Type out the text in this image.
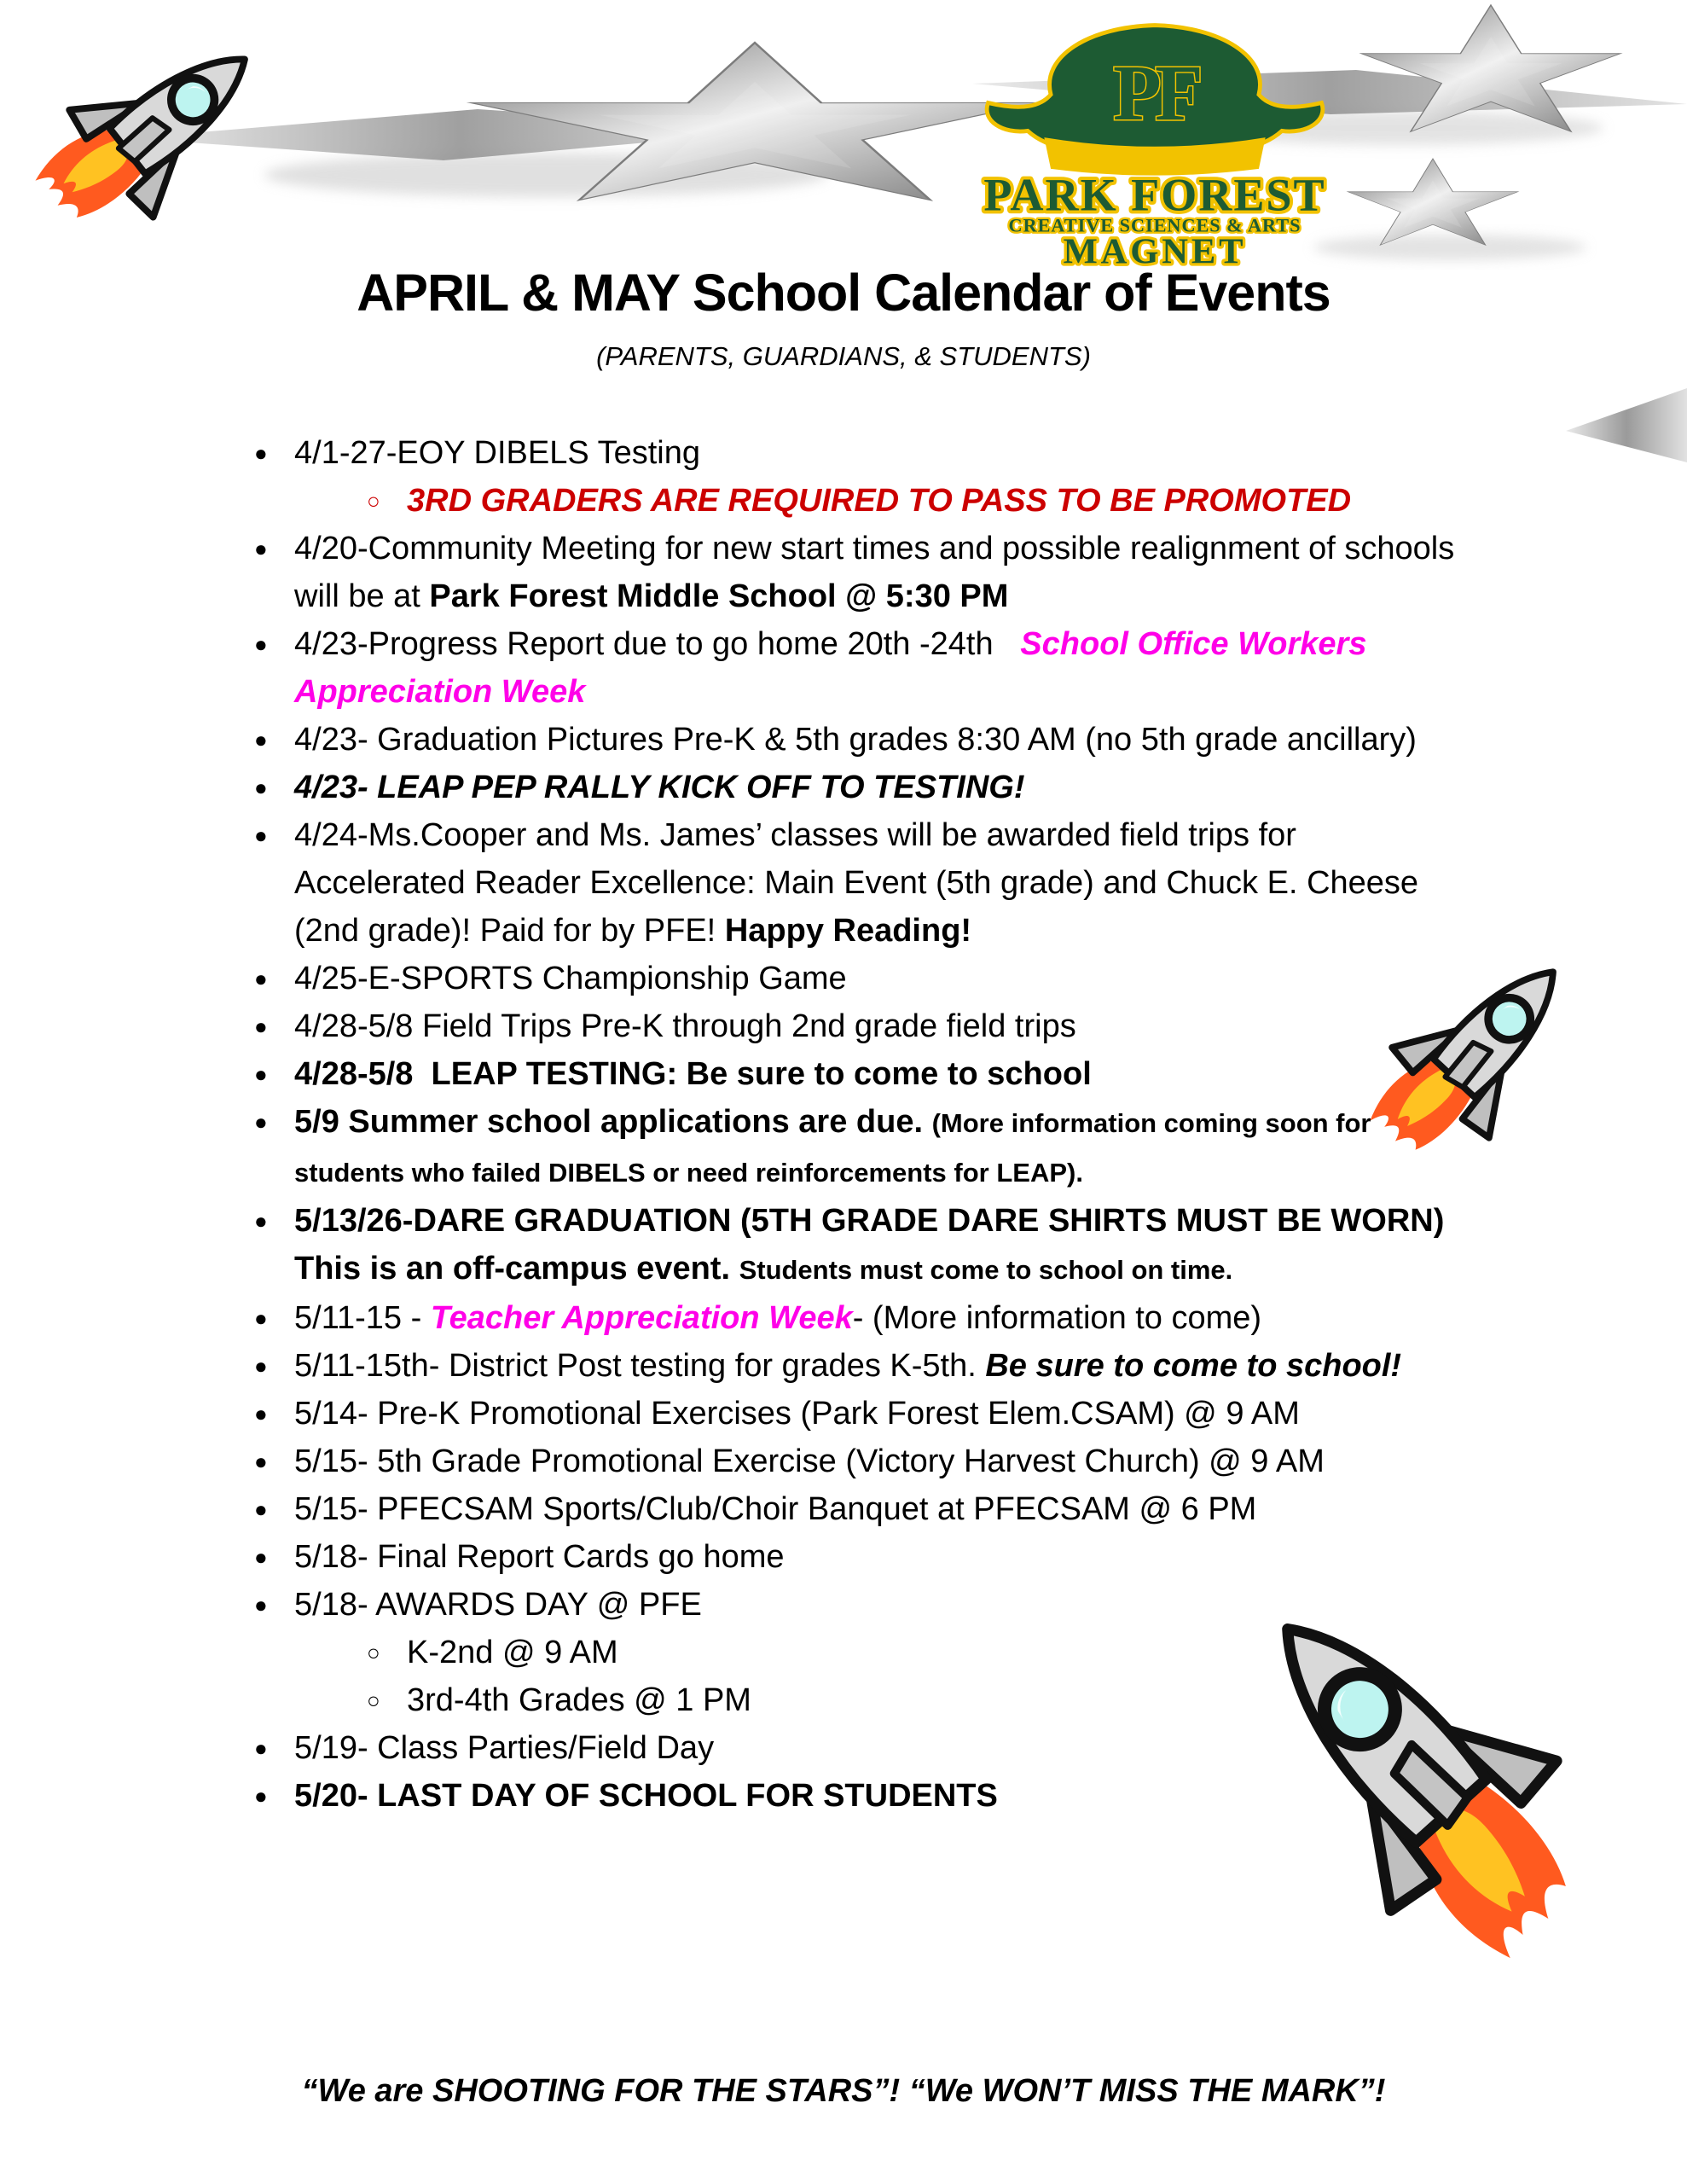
PF
PARK FOREST
CREATIVE SCIENCES & ARTS
MAGNET
APRIL & MAY School Calendar of Events
(PARENTS, GUARDIANS, & STUDENTS)
● 4/1-27-EOY DIBELS Testing
○ 3RD GRADERS ARE REQUIRED TO PASS TO BE PROMOTED
● 4/20-Community Meeting for new start times and possible realignment of schools will be at Park Forest Middle School @ 5:30 PM
● 4/23-Progress Report due to go home 20th -24th   School Office Workers Appreciation Week
● 4/23- Graduation Pictures Pre-K & 5th grades 8:30 AM (no 5th grade ancillary)
● 4/23- LEAP PEP RALLY KICK OFF TO TESTING!
● 4/24-Ms.Cooper and Ms. James’ classes will be awarded field trips for Accelerated Reader Excellence: Main Event (5th grade) and Chuck E. Cheese (2nd grade)! Paid for by PFE! Happy Reading!
● 4/25-E-SPORTS Championship Game
● 4/28-5/8 Field Trips Pre-K through 2nd grade field trips
● 4/28-5/8  LEAP TESTING: Be sure to come to school
● 5/9 Summer school applications are due. (More information coming soon for students who failed DIBELS or need reinforcements for LEAP).
● 5/13/26-DARE GRADUATION (5TH GRADE DARE SHIRTS MUST BE WORN) This is an off-campus event. Students must come to school on time.
● 5/11-15 - Teacher Appreciation Week- (More information to come)
● 5/11-15th- District Post testing for grades K-5th. Be sure to come to school!
● 5/14- Pre-K Promotional Exercises (Park Forest Elem.CSAM) @ 9 AM
● 5/15- 5th Grade Promotional Exercise (Victory Harvest Church) @ 9 AM
● 5/15- PFECSAM Sports/Club/Choir Banquet at PFECSAM @ 6 PM
● 5/18- Final Report Cards go home
● 5/18- AWARDS DAY @ PFE
○ K-2nd @ 9 AM
○ 3rd-4th Grades @ 1 PM
● 5/19- Class Parties/Field Day
● 5/20- LAST DAY OF SCHOOL FOR STUDENTS
“We are SHOOTING FOR THE STARS”! “We WON’T MISS THE MARK”!
